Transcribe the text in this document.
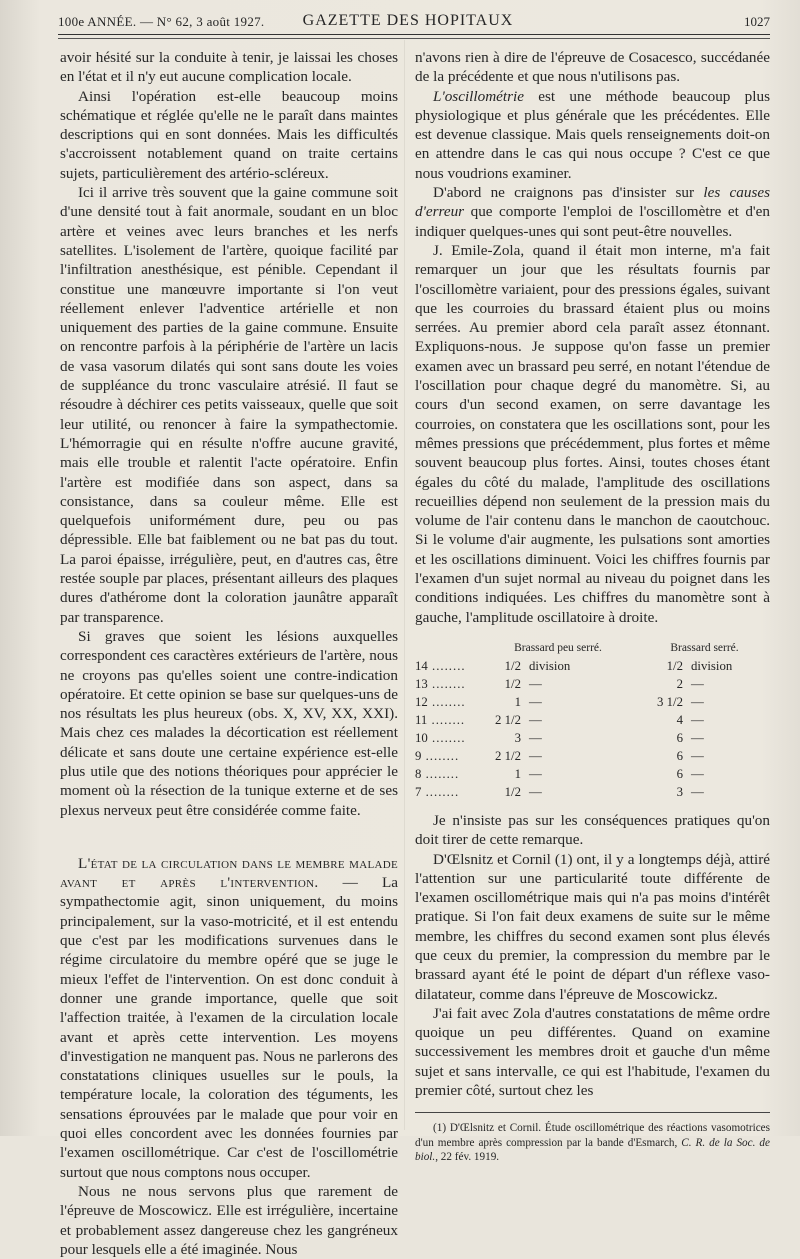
100e ANNÉE. — N° 62, 3 août 1927.	GAZETTE DES HOPITAUX	1027

avoir hésité sur la conduite à tenir, je laissai les choses en l'état et il n'y eut aucune complication locale.

Ainsi l'opération est-elle beaucoup moins schématique et réglée qu'elle ne le paraît dans maintes descriptions qui en sont données. Mais les difficultés s'accroissent notablement quand on traite certains sujets, particulièrement des artério-scléreux.

Ici il arrive très souvent que la gaine commune soit d'une densité tout à fait anormale, soudant en un bloc artère et veines avec leurs branches et les nerfs satellites. L'isolement de l'artère, quoique facilité par l'infiltration anesthésique, est pénible. Cependant il constitue une manœuvre importante si l'on veut réellement enlever l'adventice artérielle et non uniquement des parties de la gaine commune. Ensuite on rencontre parfois à la périphérie de l'artère un lacis de vasa vasorum dilatés qui sont sans doute les voies de suppléance du tronc vasculaire atrésié. Il faut se résoudre à déchirer ces petits vaisseaux, quelle que soit leur utilité, ou renoncer à faire la sympathectomie. L'hémorragie qui en résulte n'offre aucune gravité, mais elle trouble et ralentit l'acte opératoire. Enfin l'artère est modifiée dans son aspect, dans sa consistance, dans sa couleur même. Elle est quelquefois uniformément dure, peu ou pas dépressible. Elle bat faiblement ou ne bat pas du tout. La paroi épaisse, irrégulière, peut, en d'autres cas, être restée souple par places, présentant ailleurs des plaques dures d'athérome dont la coloration jaunâtre apparaît par transparence.

Si graves que soient les lésions auxquelles correspondent ces caractères extérieurs de l'artère, nous ne croyons pas qu'elles soient une contre-indication opératoire. Et cette opinion se base sur quelques-uns de nos résultats les plus heureux (obs. X, XV, XX, XXI). Mais chez ces malades la décortication est réellement délicate et sans doute une certaine expérience est-elle plus utile que des notions théoriques pour apprécier le moment où la résection de la tunique externe et de ses plexus nerveux peut être considérée comme faite.

L'état de la circulation dans le membre malade avant et après l'intervention. — La sympathectomie agit, sinon uniquement, du moins principalement, sur la vaso-motricité, et il est entendu que c'est par les modifications survenues dans le régime circulatoire du membre opéré que se juge le mieux l'effet de l'intervention. On est donc conduit à donner une grande importance, quelle que soit l'affection traitée, à l'examen de la circulation locale avant et après cette intervention. Les moyens d'investigation ne manquent pas. Nous ne parlerons des constatations cliniques usuelles sur le pouls, la température locale, la coloration des téguments, les sensations éprouvées par le malade que pour voir en quoi elles concordent avec les données fournies par l'examen oscillométrique. Car c'est de l'oscillométrie surtout que nous comptons nous occuper.

Nous ne nous servons plus que rarement de l'épreuve de Moscowicz. Elle est irrégulière, incertaine et probablement assez dangereuse chez les gangréneux pour lesquels elle a été imaginée. Nous

n'avons rien à dire de l'épreuve de Cosacesco, succédanée de la précédente et que nous n'utilisons pas.

L'oscillométrie est une méthode beaucoup plus physiologique et plus générale que les précédentes. Elle est devenue classique. Mais quels renseignements doit-on en attendre dans le cas qui nous occupe ? C'est ce que nous voudrions examiner.

D'abord ne craignons pas d'insister sur les causes d'erreur que comporte l'emploi de l'oscillomètre et d'en indiquer quelques-unes qui sont peut-être nouvelles.

J. Emile-Zola, quand il était mon interne, m'a fait remarquer un jour que les résultats fournis par l'oscillomètre variaient, pour des pressions égales, suivant que les courroies du brassard étaient plus ou moins serrées. Au premier abord cela paraît assez étonnant. Expliquons-nous. Je suppose qu'on fasse un premier examen avec un brassard peu serré, en notant l'étendue de l'oscillation pour chaque degré du manomètre. Si, au cours d'un second examen, on serre davantage les courroies, on constatera que les oscillations sont, pour les mêmes pressions que précédemment, plus fortes et même souvent beaucoup plus fortes. Ainsi, toutes choses étant égales du côté du malade, l'amplitude des oscillations recueillies dépend non seulement de la pression mais du volume de l'air contenu dans le manchon de caoutchouc. Si le volume d'air augmente, les pulsations sont amorties et les oscillations diminuent. Voici les chiffres fournis par l'examen d'un sujet normal au niveau du poignet dans les conditions indiquées. Les chiffres du manomètre sont à gauche, l'amplitude oscillatoire à droite.

	Brassard peu serré.		Brassard serré.	
14 ........	1/2	division	1/2	division
13 ........	1/2	—	2	—
12 ........	1	—	3 1/2	—
11 ........	2 1/2	—	4	—
10 ........	3	—	6	—
9 ........	2 1/2	—	6	—
8 ........	1	—	6	—
7 ........	1/2	—	3	—

Je n'insiste pas sur les conséquences pratiques qu'on doit tirer de cette remarque.

D'Œlsnitz et Cornil (1) ont, il y a longtemps déjà, attiré l'attention sur une particularité toute différente de l'examen oscillométrique mais qui n'a pas moins d'intérêt pratique. Si l'on fait deux examens de suite sur le même membre, les chiffres du second examen sont plus élevés que ceux du premier, la compression du membre par le brassard ayant été le point de départ d'un réflexe vaso-dilatateur, comme dans l'épreuve de Moscowickz.

J'ai fait avec Zola d'autres constatations de même ordre quoique un peu différentes. Quand on examine successivement les membres droit et gauche d'un même sujet et sans intervalle, ce qui est l'habitude, l'examen du premier côté, surtout chez les

(1) D'Œlsnitz et Cornil. Étude oscillométrique des réactions vasomotrices d'un membre après compression par la bande d'Esmarch, C. R. de la Soc. de biol., 22 fév. 1919.
